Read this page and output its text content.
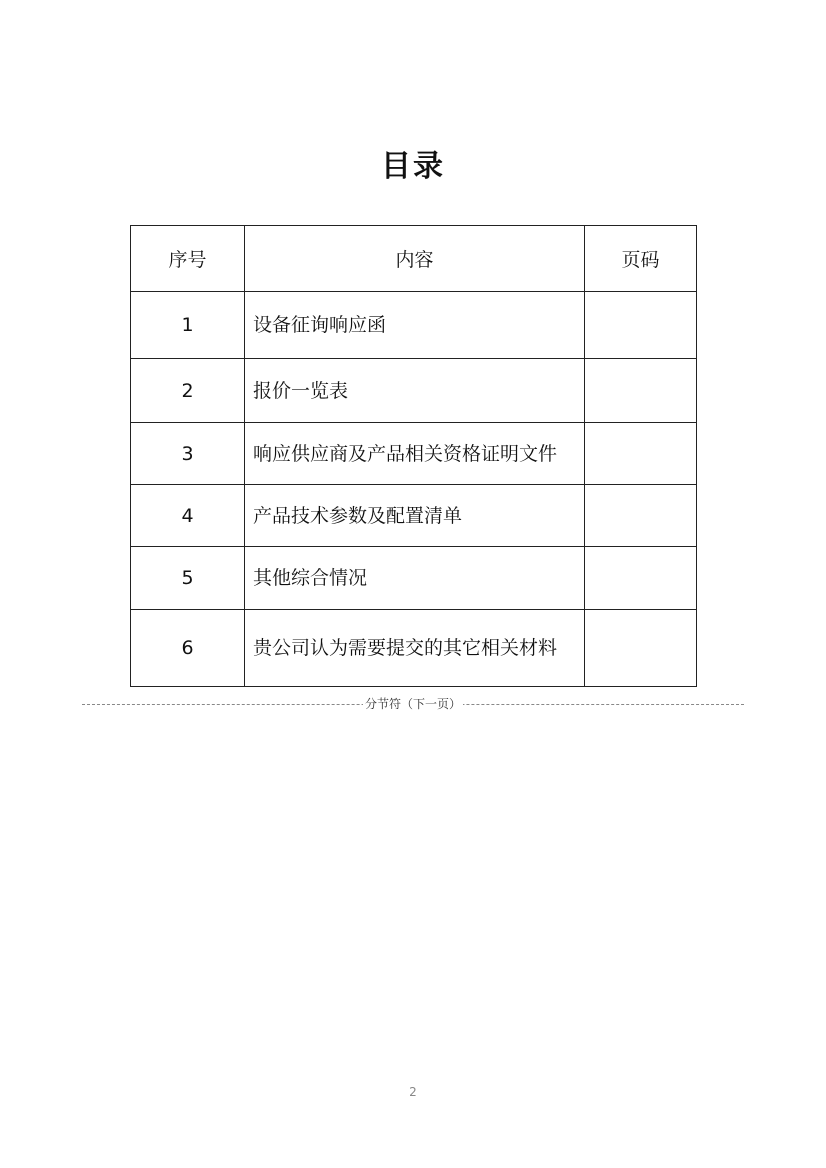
目录
序号	内容	页码
1	设备征询响应函	
2	报价一览表	
3	响应供应商及产品相关资格证明文件	
4	产品技术参数及配置清单	
5	其他综合情况	
6	贵公司认为需要提交的其它相关材料	
分节符（下一页）
2
